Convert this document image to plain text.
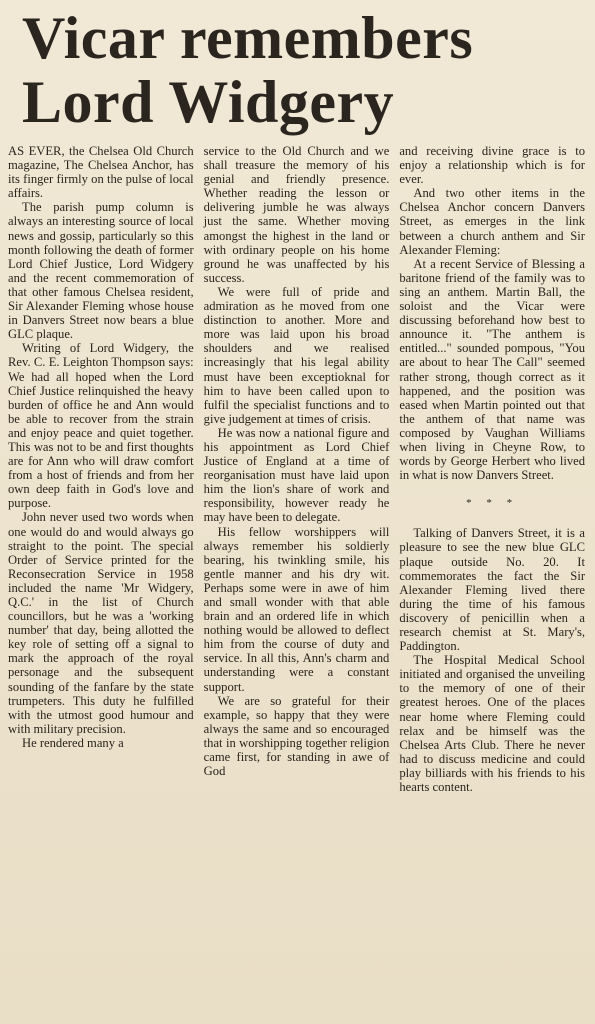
Vicar remembers
Lord Widgery

AS EVER, the Chelsea Old Church magazine, The Chelsea Anchor, has its finger firmly on the pulse of local affairs.

The parish pump column is always an interesting source of local news and gossip, particularly so this month following the death of former Lord Chief Justice, Lord Widgery and the recent commemoration of that other famous Chelsea resident, Sir Alexander Fleming whose house in Danvers Street now bears a blue GLC plaque.

Writing of Lord Widgery, the Rev. C. E. Leighton Thompson says: We had all hoped when the Lord Chief Justice relinquished the heavy burden of office he and Ann would be able to recover from the strain and enjoy peace and quiet together. This was not to be and first thoughts are for Ann who will draw comfort from a host of friends and from her own deep faith in God's love and purpose.

John never used two words when one would do and would always go straight to the point. The special Order of Service printed for the Reconsecration Service in 1958 included the name 'Mr Widgery, Q.C.' in the list of Church councillors, but he was a 'working number' that day, being allotted the key role of setting off a signal to mark the approach of the royal personage and the subsequent sounding of the fanfare by the state trumpeters. This duty he fulfilled with the utmost good humour and with military precision.

He rendered many a

service to the Old Church and we shall treasure the memory of his genial and friendly presence. Whether reading the lesson or delivering jumble he was always just the same. Whether moving amongst the highest in the land or with ordinary people on his home ground he was unaffected by his success.

We were full of pride and admiration as he moved from one distinction to another. More and more was laid upon his broad shoulders and we realised increasingly that his legal ability must have been exceptioknal for him to have been called upon to fulfil the specialist functions and to give judgement at times of crisis.

He was now a national figure and his appointment as Lord Chief Justice of England at a time of reorganisation must have laid upon him the lion's share of work and responsibility, however ready he may have been to delegate.

His fellow worshippers will always remember his soldierly bearing, his twinkling smile, his gentle manner and his dry wit. Perhaps some were in awe of him and small wonder with that able brain and an ordered life in which nothing would be allowed to deflect him from the course of duty and service. In all this, Ann's charm and understanding were a constant support.

We are so grateful for their example, so happy that they were always the same and so encouraged that in worshipping together religion came first, for standing in awe of God

and receiving divine grace is to enjoy a relationship which is for ever.

And two other items in the Chelsea Anchor concern Danvers Street, as emerges in the link between a church anthem and Sir Alexander Fleming:

At a recent Service of Blessing a baritone friend of the family was to sing an anthem. Martin Ball, the soloist and the Vicar were discussing beforehand how best to announce it. "The anthem is entitled..." sounded pompous, "You are about to hear The Call" seemed rather strong, though correct as it happened, and the position was eased when Martin pointed out that the anthem of that name was composed by Vaughan Williams when living in Cheyne Row, to words by George Herbert who lived in what is now Danvers Street.

* * *

Talking of Danvers Street, it is a pleasure to see the new blue GLC plaque outside No. 20. It commemorates the fact the Sir Alexander Fleming lived there during the time of his famous discovery of penicillin when a research chemist at St. Mary's, Paddington.

The Hospital Medical School initiated and organised the unveiling to the memory of one of their greatest heroes. One of the places near home where Fleming could relax and be himself was the Chelsea Arts Club. There he never had to discuss medicine and could play billiards with his friends to his hearts content.
